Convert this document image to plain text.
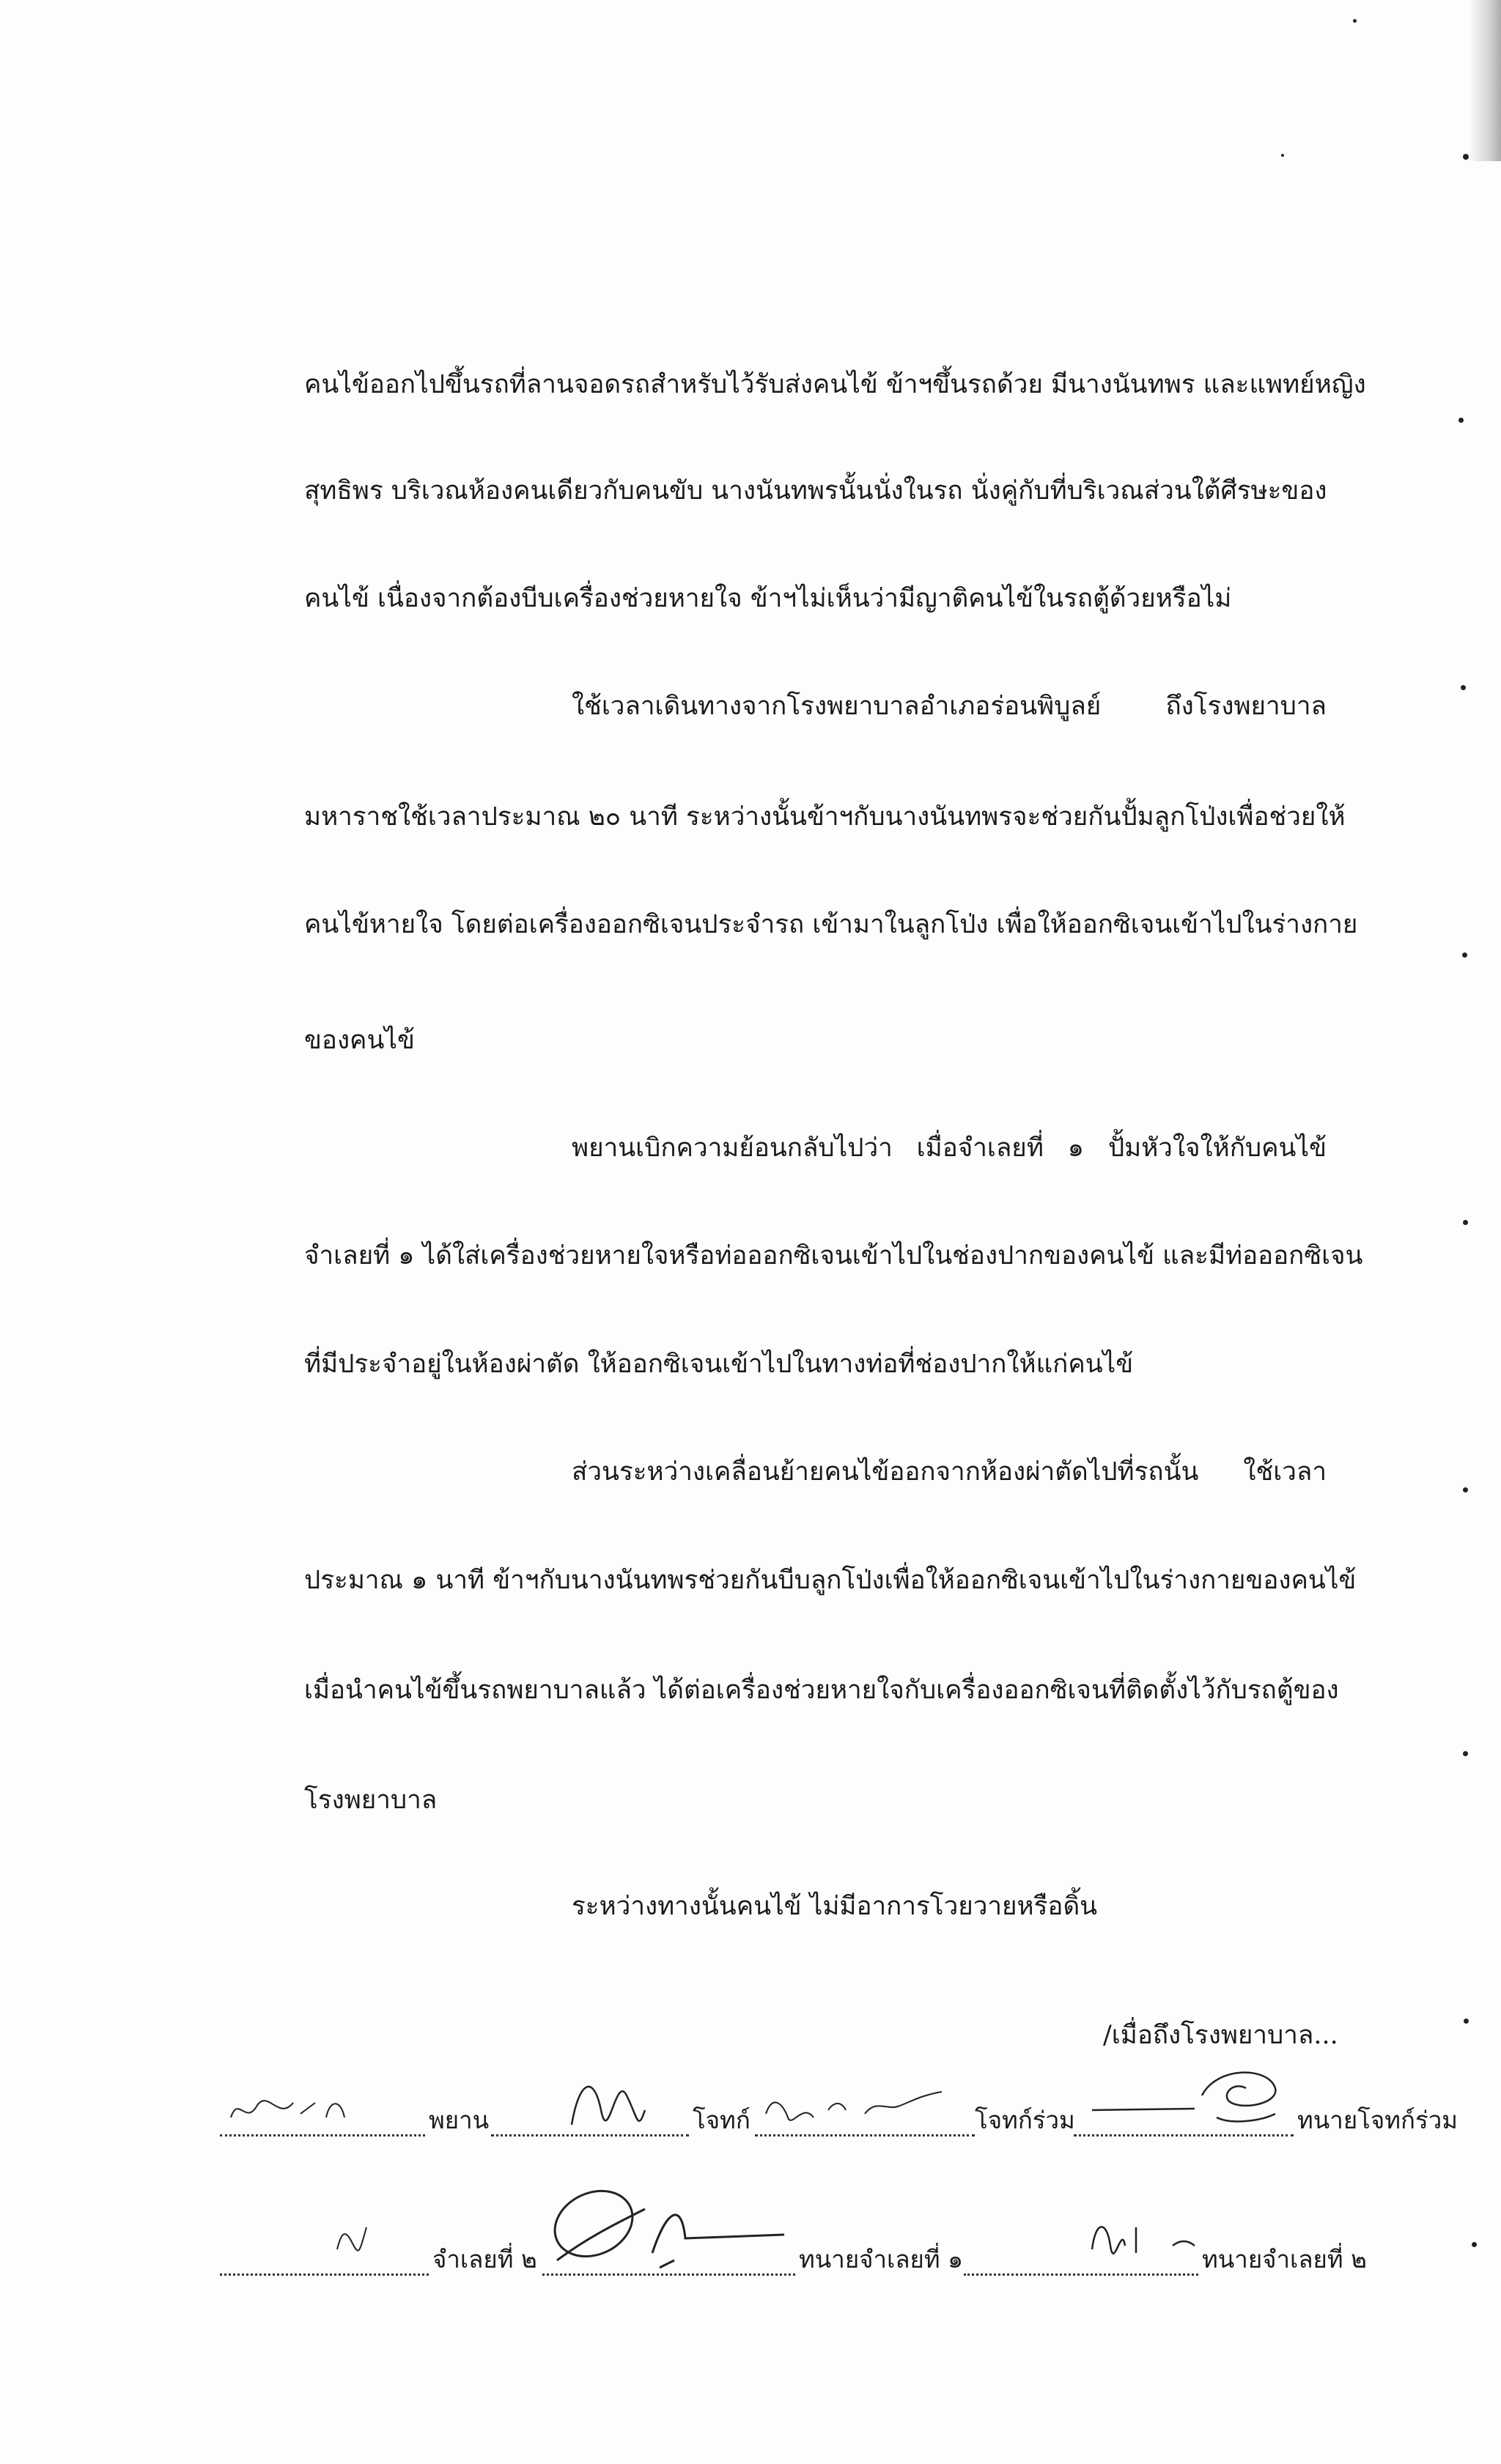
คนไข้ออกไปขึ้นรถที่ลานจอดรถสำหรับไว้รับส่งคนไข้ ข้าฯขึ้นรถด้วย มีนางนันทพร และแพทย์หญิง
สุทธิพร บริเวณห้องคนเดียวกับคนขับ นางนันทพรนั้นนั่งในรถ นั่งคู่กับที่บริเวณส่วนใต้ศีรษะของ
คนไข้ เนื่องจากต้องบีบเครื่องช่วยหายใจ ข้าฯไม่เห็นว่ามีญาติคนไข้ในรถตู้ด้วยหรือไม่
ใช้เวลาเดินทางจากโรงพยาบาลอำเภอร่อนพิบูลย์ ถึงโรงพยาบาล
มหาราชใช้เวลาประมาณ ๒๐ นาที ระหว่างนั้นข้าฯกับนางนันทพรจะช่วยกันปั้มลูกโป่งเพื่อช่วยให้
คนไข้หายใจ โดยต่อเครื่องออกซิเจนประจำรถ เข้ามาในลูกโป่ง เพื่อให้ออกซิเจนเข้าไปในร่างกาย
ของคนไข้
พยานเบิกความย้อนกลับไปว่า เมื่อจำเลยที่ ๑ ปั้มหัวใจให้กับคนไข้
จำเลยที่ ๑ ได้ใส่เครื่องช่วยหายใจหรือท่อออกซิเจนเข้าไปในช่องปากของคนไข้ และมีท่อออกซิเจน
ที่มีประจำอยู่ในห้องผ่าตัด ให้ออกซิเจนเข้าไปในทางท่อที่ช่องปากให้แก่คนไข้
ส่วนระหว่างเคลื่อนย้ายคนไข้ออกจากห้องผ่าตัดไปที่รถนั้น ใช้เวลา
ประมาณ ๑ นาที ข้าฯกับนางนันทพรช่วยกันบีบลูกโป่งเพื่อให้ออกซิเจนเข้าไปในร่างกายของคนไข้
เมื่อนำคนไข้ขึ้นรถพยาบาลแล้ว ได้ต่อเครื่องช่วยหายใจกับเครื่องออกซิเจนที่ติดตั้งไว้กับรถตู้ของ
โรงพยาบาล
ระหว่างทางนั้นคนไข้ ไม่มีอาการโวยวายหรือดิ้น
/เมื่อถึงโรงพยาบาล...
พยาน	โจทก์	โจทก์ร่วม	ทนายโจทก์ร่วม
จำเลยที่ ๒	ทนายจำเลยที่ ๑	ทนายจำเลยที่ ๒
